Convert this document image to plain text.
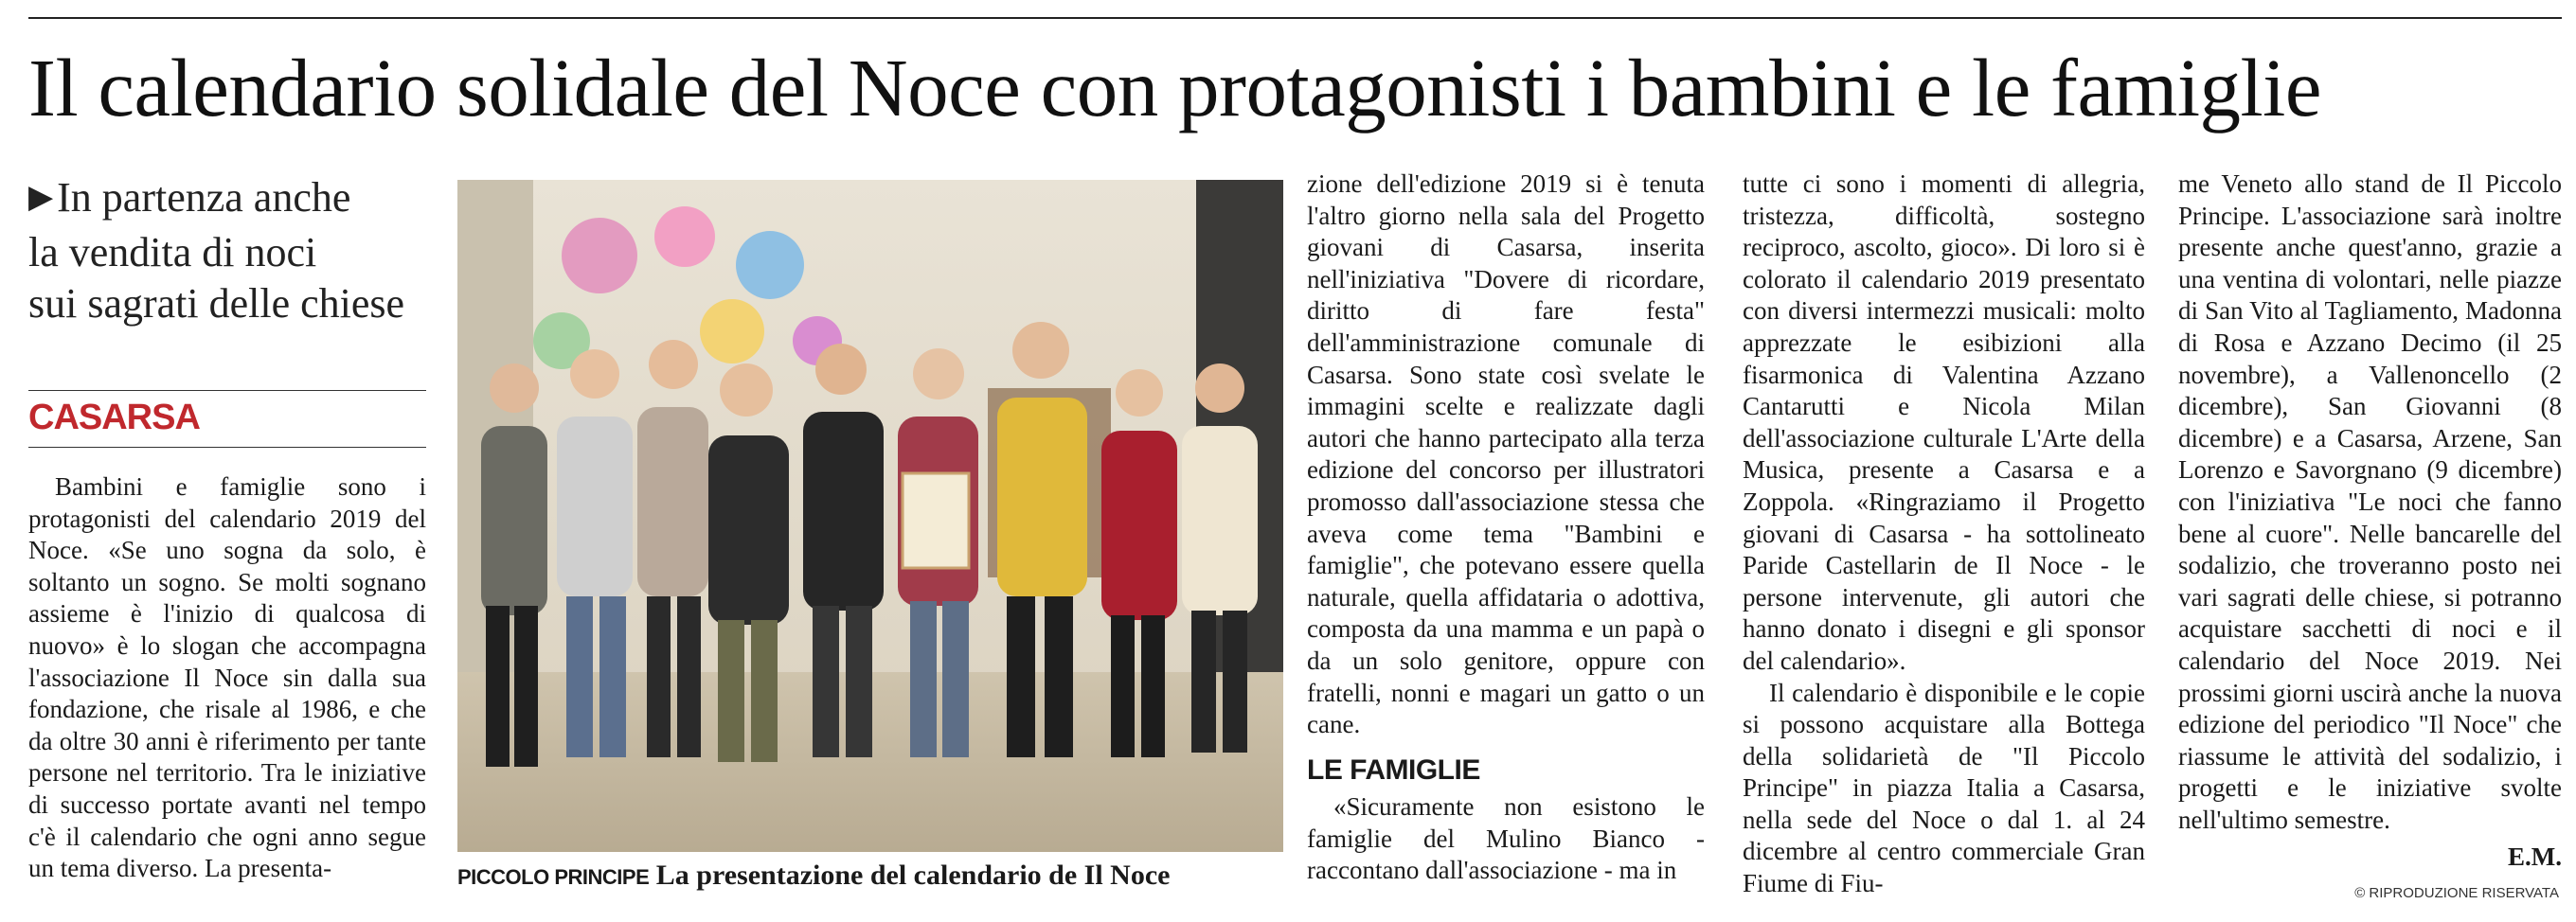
Il calendario solidale del Noce con protagonisti i bambini e le famiglie
▶In partenza anche
la vendita di noci
sui sagrati delle chiese
CASARSA

Bambini e famiglie sono i protagonisti del calendario 2019 del Noce. «Se uno sogna da solo, è soltanto un sogno. Se molti sognano assieme è l'inizio di qualcosa di nuovo» è lo slogan che accompagna l'associazione Il Noce sin dalla sua fondazione, che risale al 1986, e che da oltre 30 anni è riferimento per tante persone nel territorio. Tra le iniziative di successo portate avanti nel tempo c'è il calendario che ogni anno segue un tema diverso. La presenta-	PICCOLO PRINCIPE La presentazione del calendario de Il Noce

zione dell'edizione 2019 si è tenuta l'altro giorno nella sala del Progetto giovani di Casarsa, inserita nell'iniziativa "Dovere di ricordare, diritto di fare festa" dell'amministrazione comunale di Casarsa. Sono state così svelate le immagini scelte e realizzate dagli autori che hanno partecipato alla terza edizione del concorso per illustratori promosso dall'associazione stessa che aveva come tema "Bambini e famiglie", che potevano essere quella naturale, quella affidataria o adottiva, composta da una mamma e un papà o da un solo genitore, oppure con fratelli, nonni e magari un gatto o un cane.

LE FAMIGLIE

«Sicuramente non esistono le famiglie del Mulino Bianco - raccontano dall'associazione - ma in

tutte ci sono i momenti di allegria, tristezza, difficoltà, sostegno reciproco, ascolto, gioco». Di loro si è colorato il calendario 2019 presentato con diversi intermezzi musicali: molto apprezzate le esibizioni alla fisarmonica di Valentina Azzano Cantarutti e Nicola Milan dell'associazione culturale L'Arte della Musica, presente a Casarsa e a Zoppola. «Ringraziamo il Progetto giovani di Casarsa - ha sottolineato Paride Castellarin de Il Noce - le persone intervenute, gli autori che hanno donato i disegni e gli sponsor del calendario».

Il calendario è disponibile e le copie si possono acquistare alla Bottega della solidarietà de "Il Piccolo Principe" in piazza Italia a Casarsa, nella sede del Noce o dal 1. al 24 dicembre al centro commerciale Gran Fiume di Fiu-

me Veneto allo stand de Il Piccolo Principe. L'associazione sarà inoltre presente anche quest'anno, grazie a una ventina di volontari, nelle piazze di San Vito al Tagliamento, Madonna di Rosa e Azzano Decimo (il 25 novembre), a Vallenoncello (2 dicembre), San Giovanni (8 dicembre) e a Casarsa, Arzene, San Lorenzo e Savorgnano (9 dicembre) con l'iniziativa "Le noci che fanno bene al cuore". Nelle bancarelle del sodalizio, che troveranno posto nei vari sagrati delle chiese, si potranno acquistare sacchetti di noci e il calendario del Noce 2019. Nei prossimi giorni uscirà anche la nuova edizione del periodico "Il Noce" che riassume le attività del sodalizio, i progetti e le iniziative svolte nell'ultimo semestre.

E.M.
© RIPRODUZIONE RISERVATA
